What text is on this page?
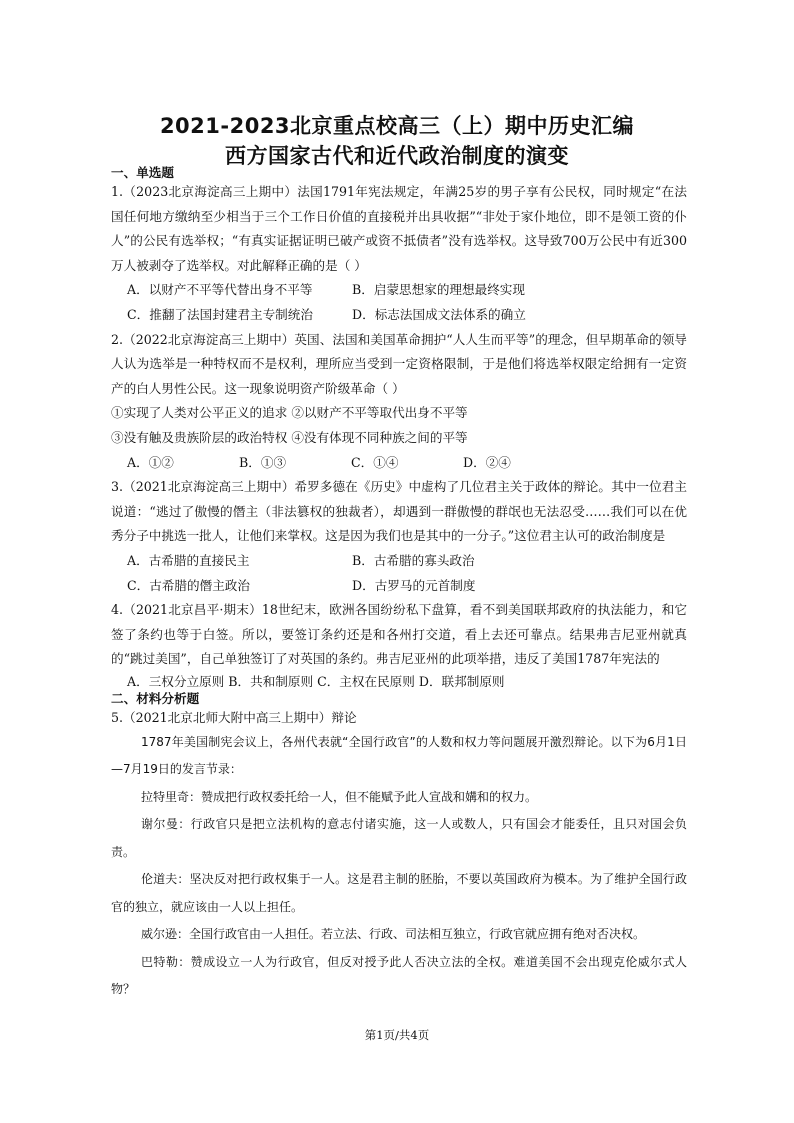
2021-2023北京重点校高三（上）期中历史汇编
西方国家古代和近代政治制度的演变

一、单选题

1.（2023北京海淀高三上期中）法国1791年宪法规定，年满25岁的男子享有公民权，同时规定“在法国任何地方缴纳至少相当于三个工作日价值的直接税并出具收据”“非处于家仆地位，即不是领工资的仆人”的公民有选举权；“有真实证据证明已破产或资不抵债者”没有选举权。这导致700万公民中有近300万人被剥夺了选举权。对此解释正确的是（ ）

A．以财产不平等代替出身不平等	B．启蒙思想家的理想最终实现
C．推翻了法国封建君主专制统治	D．标志法国成文法体系的确立

2.（2022北京海淀高三上期中）英国、法国和美国革命拥护“人人生而平等”的理念，但早期革命的领导人认为选举是一种特权而不是权利，理所应当受到一定资格限制，于是他们将选举权限定给拥有一定资产的白人男性公民。这一现象说明资产阶级革命（ ）

①实现了人类对公平正义的追求 ②以财产不平等取代出身不平等

③没有触及贵族阶层的政治特权 ④没有体现不同种族之间的平等

A．①②	B．①③	C．①④	D．②④

3.（2021北京海淀高三上期中）希罗多德在《历史》中虚构了几位君主关于政体的辩论。其中一位君主说道：“逃过了傲慢的僭主（非法篡权的独裁者），却遇到一群傲慢的群氓也无法忍受……我们可以在优秀分子中挑选一批人，让他们来掌权。这是因为我们也是其中的一分子。”这位君主认可的政治制度是

A．古希腊的直接民主	B．古希腊的寡头政治
C．古希腊的僭主政治	D．古罗马的元首制度

4.（2021北京昌平·期末）18世纪末，欧洲各国纷纷私下盘算，看不到美国联邦政府的执法能力，和它签了条约也等于白签。所以，要签订条约还是和各州打交道，看上去还可靠点。结果弗吉尼亚州就真的“跳过美国”，自己单独签订了对英国的条约。弗吉尼亚州的此项举措，违反了美国1787年宪法的

A．三权分立原则 B．共和制原则 C．主权在民原则 D．联邦制原则

二、材料分析题

5.（2021北京北师大附中高三上期中）辩论

1787年美国制宪会议上，各州代表就“全国行政官”的人数和权力等问题展开激烈辩论。以下为6月1日—7月19日的发言节录：

拉特里奇：赞成把行政权委托给一人，但不能赋予此人宣战和媾和的权力。

谢尔曼：行政官只是把立法机构的意志付诸实施，这一人或数人，只有国会才能委任，且只对国会负责。

伦道夫：坚决反对把行政权集于一人。这是君主制的胚胎，不要以英国政府为模本。为了维护全国行政官的独立，就应该由一人以上担任。

威尔逊：全国行政官由一人担任。若立法、行政、司法相互独立，行政官就应拥有绝对否决权。

巴特勒：赞成设立一人为行政官，但反对授予此人否决立法的全权。难道美国不会出现克伦威尔式人物？

第1页/共4页
